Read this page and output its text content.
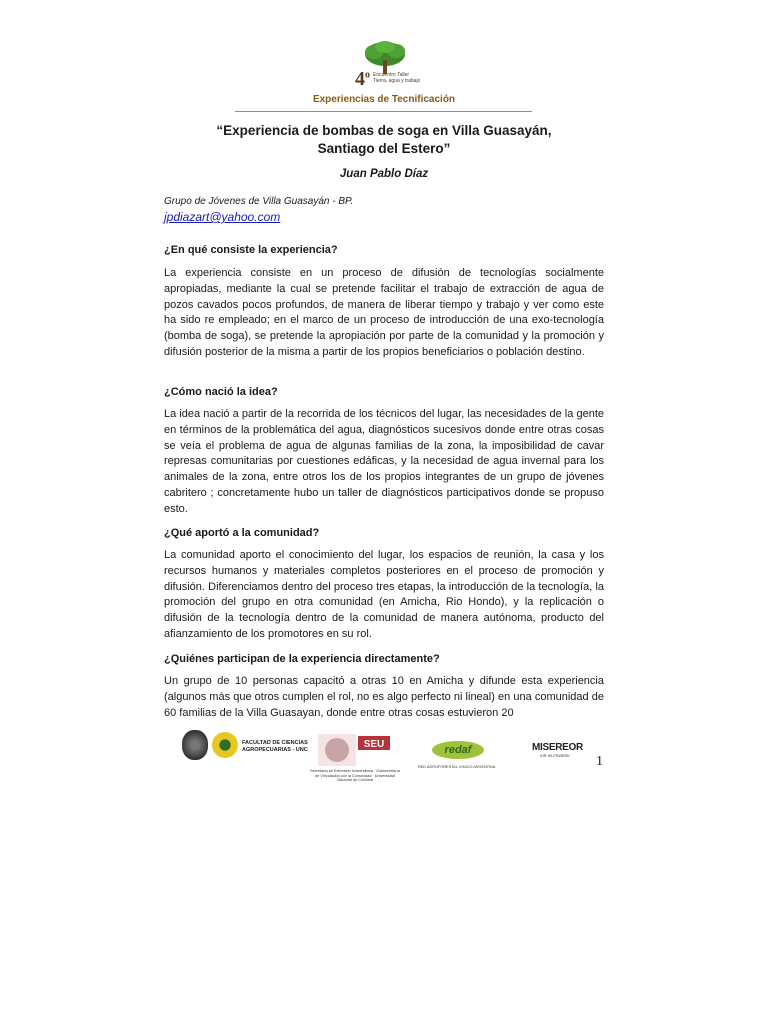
4$^o$ Encuentro Taller Tierra, agua y trabajo
Experiencias de Tecnificación
“Experiencia de bombas de soga en Villa Guasayán,
Santiago del Estero”
Juan Pablo Díaz
Grupo de Jóvenes de Villa Guasayán - BP.
jpdiazart@yahoo.com
¿En qué consiste la experiencia?
La experiencia consiste en un proceso de difusión de tecnologías socialmente apropiadas, mediante la cual se pretende facilitar el trabajo de extracción de agua de pozos cavados pocos profundos, de manera de liberar tiempo y trabajo y ver como este ha sido re empleado; en el marco de un proceso de introducción de una exo-tecnología (bomba de soga), se pretende la apropiación por parte de la comunidad y la promoción y difusión posterior de la misma a partir de los propios beneficiarios o población destino.
¿Cómo nació la idea?
La idea nació a partir de la recorrida de los técnicos del lugar, las necesidades de la gente en términos de la problemática del agua, diagnósticos sucesivos donde entre otras cosas se veía el problema de agua de algunas familias de la zona, la imposibilidad de cavar represas comunitarias por cuestiones edáficas, y la necesidad de agua invernal para los animales de la zona, entre otros los de los propios integrantes de un grupo de jóvenes cabritero ; concretamente hubo un taller de diagnósticos participativos donde se propuso esto.
¿Qué aportó a la comunidad?
La comunidad aporto el conocimiento del lugar, los espacios de reunión, la casa y los recursos humanos y materiales completos posteriores en el proceso de promoción y difusión. Diferenciamos dentro del proceso tres etapas, la introducción de la tecnología, la promoción del grupo en otra comunidad (en Amicha, Rio Hondo), y la replicación o difusión de la tecnología dentro de la comunidad de manera autónoma, producto del afianzamiento de los promotores en su rol.
¿Quiénes participan de la experiencia directamente?
Un grupo de 10 personas capacitó a otras 10 en Amicha y difunde esta experiencia (algunos más que otros cumplen el rol, no es algo perfecto ni lineal) en una comunidad de 60 familias de la Villa Guasayan, donde entre otras cosas estuvieron 20
FACULTAD DE CIENCIAS
AGROPECUARIAS - UNC	SEU
Secretaría de Extensión Universitaria · Subsecretaría de Vinculación con la Comunidad · Universidad Nacional de Córdoba
redaf
RED AGROFORESTAL CHACO ARGENTINA
MISEREOR
IHR HILFSWERK 1
